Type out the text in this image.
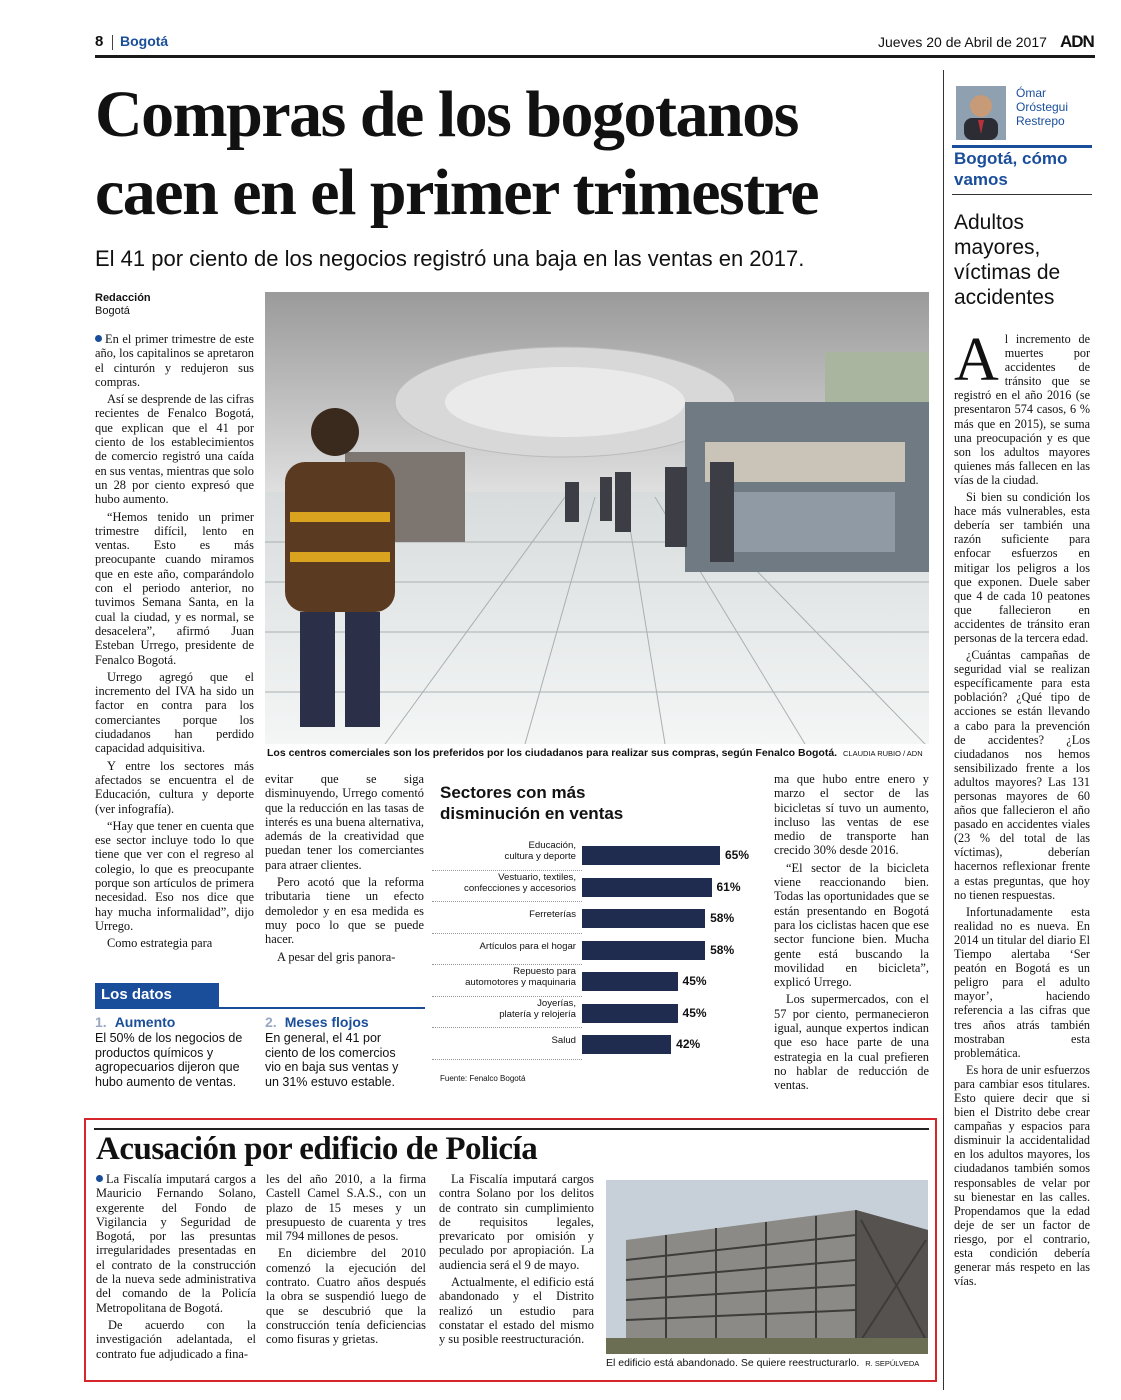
8 Bogotá	Jueves 20 de Abril de 2017 ADN
Compras de los bogotanos
caen en el primer trimestre
El 41 por ciento de los negocios registró una baja en las ventas en 2017.
Redacción
Bogotá

En el primer trimestre de este año, los capitalinos se apretaron el cinturón y redujeron sus compras.

Así se desprende de las cifras recientes de Fenalco Bogotá, que explican que el 41 por ciento de los establecimientos de comercio registró una caída en sus ventas, mientras que solo un 28 por ciento expresó que hubo aumento.

“Hemos tenido un primer trimestre difícil, lento en ventas. Esto es más preocupante cuando miramos que en este año, comparándolo con el periodo anterior, no tuvimos Semana Santa, en la cual la ciudad, y es normal, se desacelera”, afirmó Juan Esteban Urrego, presidente de Fenalco Bogotá.

Urrego agregó que el incremento del IVA ha sido un factor en contra para los comerciantes porque los ciudadanos han perdido capacidad adquisitiva.

Y entre los sectores más afectados se encuentra el de Educación, cultura y deporte (ver infografía).

“Hay que tener en cuenta que ese sector incluye todo lo que tiene que ver con el regreso al colegio, lo que es preocupante porque son artículos de primera necesidad. Eso nos dice que hay mucha informalidad”, dijo Urrego.

Como estrategia para

Los centros comerciales son los preferidos por los ciudadanos para realizar sus compras, según Fenalco Bogotá. CLAUDIA RUBIO / ADN

evitar que se siga disminuyendo, Urrego comentó que la reducción en las tasas de interés es una buena alternativa, además de la creatividad que puedan tener los comerciantes para atraer clientes.

Pero acotó que la reforma tributaria tiene un efecto demoledor y en esa medida es muy poco lo que se puede hacer.

A pesar del gris panora-

Sectores con más disminución en ventas
Educación,
cultura y deporte	65%
Vestuario, textiles,
confecciones y accesorios	61%
Ferreterías	58%
Artículos para el hogar	58%
Repuesto para
automotores y maquinaria	45%
Joyerías,
platería y relojería	45%
Salud	42%
Fuente: Fenalco Bogotá

ma que hubo entre enero y marzo el sector de las bicicletas sí tuvo un aumento, incluso las ventas de ese medio de transporte han crecido 30% desde 2016.

“El sector de la bicicleta viene reaccionando bien. Todas las oportunidades que se están presentando en Bogotá para los ciclistas hacen que ese sector funcione bien. Mucha gente está buscando la movilidad en bicicleta”, explicó Urrego.

Los supermercados, con el 57 por ciento, permanecieron igual, aunque expertos indican que eso hace parte de una estrategia en la cual prefieren no hablar de reducción de ventas.

Los datos
1. Aumento
El 50% de los negocios de productos químicos y agropecuarios dijeron que hubo aumento de ventas.
2. Meses flojos
En general, el 41 por ciento de los comercios vio en baja sus ventas y un 31% estuvo estable.
Ómar
Oróstegui
Restrepo
Bogotá, cómo vamos
Adultos mayores, víctimas de accidentes

Al incremento de muertes por accidentes de tránsito que se registró en el año 2016 (se presentaron 574 casos, 6 % más que en 2015), se suma una preocupación y es que son los adultos mayores quienes más fallecen en las vías de la ciudad.

Si bien su condición los hace más vulnerables, esta debería ser también una razón suficiente para enfocar esfuerzos en mitigar los peligros a los que exponen. Duele saber que 4 de cada 10 peatones que fallecieron en accidentes de tránsito eran personas de la tercera edad.

¿Cuántas campañas de seguridad vial se realizan específicamente para esta población? ¿Qué tipo de acciones se están llevando a cabo para la prevención de accidentes? ¿Los ciudadanos nos hemos sensibilizado frente a los adultos mayores? Las 131 personas mayores de 60 años que fallecieron el año pasado en accidentes viales (23 % del total de las víctimas), deberían hacernos reflexionar frente a estas preguntas, que hoy no tienen respuestas.

Infortunadamente esta realidad no es nueva. En 2014 un titular del diario El Tiempo alertaba ‘Ser peatón en Bogotá es un peligro para el adulto mayor’, haciendo referencia a las cifras que tres años atrás también mostraban esta problemática.

Es hora de unir esfuerzos para cambiar esos titulares. Esto quiere decir que si bien el Distrito debe crear campañas y espacios para disminuir la accidentalidad en los adultos mayores, los ciudadanos también somos responsables de velar por su bienestar en las calles. Propendamos que la edad deje de ser un factor de riesgo, por el contrario, esta condición debería generar más respeto en las vías.

Acusación por edificio de Policía

La Fiscalía imputará cargos a Mauricio Fernando Solano, exgerente del Fondo de Vigilancia y Seguridad de Bogotá, por las presuntas irregularidades presentadas en el contrato de la construcción de la nueva sede administrativa del comando de la Policía Metropolitana de Bogotá.

De acuerdo con la investigación adelantada, el contrato fue adjudicado a fina-

les del año 2010, a la firma Castell Camel S.A.S., con un plazo de 15 meses y un presupuesto de cuarenta y tres mil 794 millones de pesos.

En diciembre del 2010 comenzó la ejecución del contrato. Cuatro años después la obra se suspendió luego de que se descubrió que la construcción tenía deficiencias como fisuras y grietas.

La Fiscalía imputará cargos contra Solano por los delitos de contrato sin cumplimiento de requisitos legales, prevaricato por omisión y peculado por apropiación. La audiencia será el 9 de mayo.

Actualmente, el edificio está abandonado y el Distrito realizó un estudio para constatar el estado del mismo y su posible reestructuración.

El edificio está abandonado. Se quiere reestructurarlo. R. SEPÚLVEDA
